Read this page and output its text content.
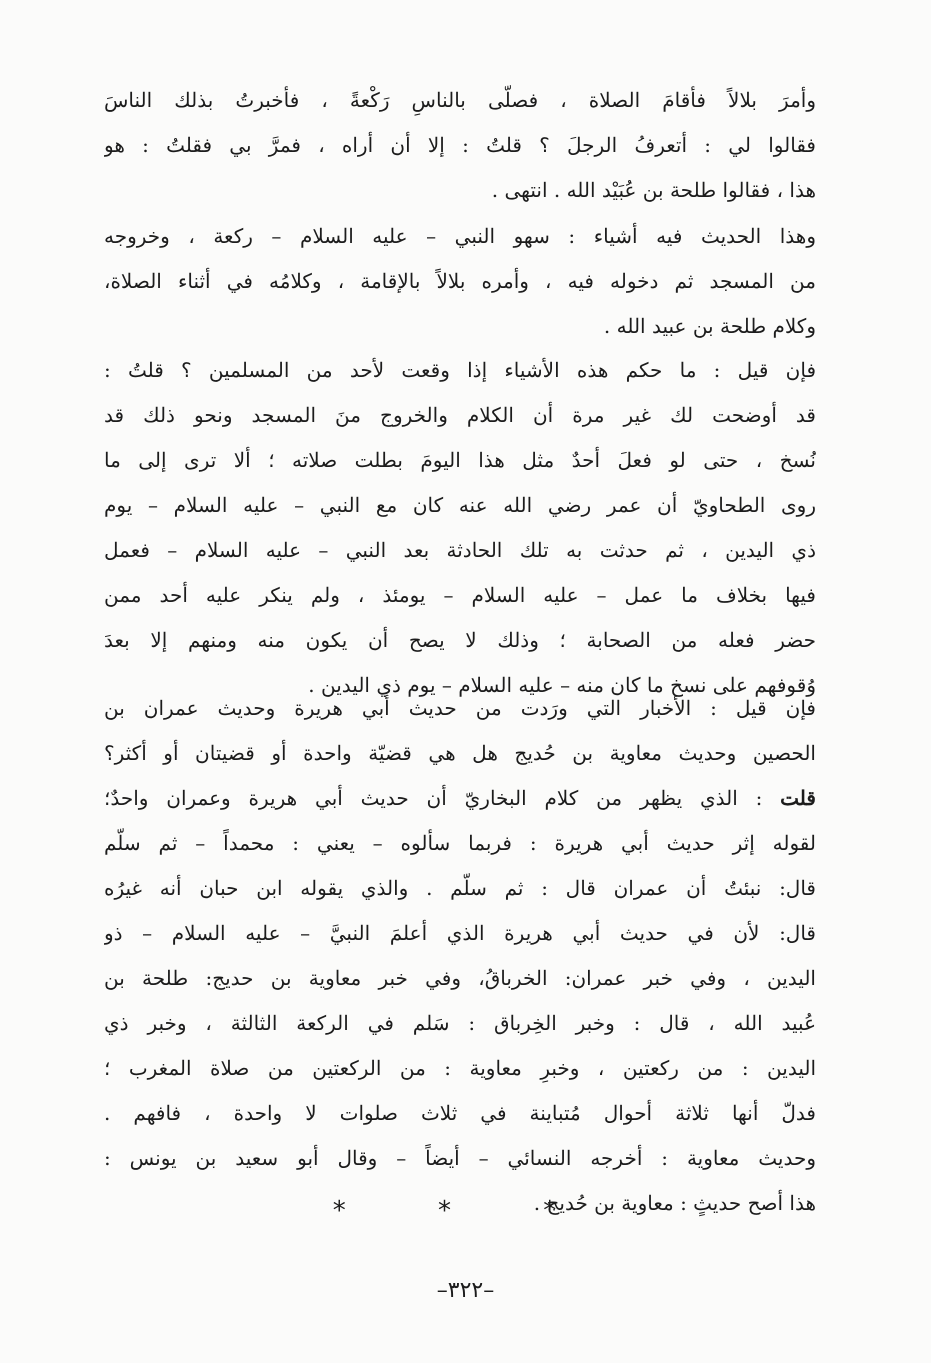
وأمرَ بلالاً فأقامَ الصلاة ، فصلّى بالناسِ رَكْعةً ، فأخبرتُ بذلك الناسَ
فقالوا لي : أتعرفُ الرجلَ ؟ قلتُ : إلا أن أراه ، فمرَّ بي فقلتُ : هو
هذا ، فقالوا طلحة بن عُبَيْد الله . انتهى .
وهذا الحديث فيه أشياء : سهو النبي – عليه السلام – ركعة ، وخروجه
من المسجد ثم دخوله فيه ، وأمره بلالاً بالإقامة ، وكلامُه في أثناء الصلاة،
وكلام طلحة بن عبيد الله .
فإن قيل : ما حكم هذه الأشياء إذا وقعت لأحد من المسلمين ؟ قلتُ :
قد أوضحت لك غير مرة أن الكلام والخروج منَ المسجد ونحو ذلك قد
نُسخ ، حتى لو فعلَ أحدٌ مثل هذا اليومَ بطلت صلاته ؛ ألا ترى إلى ما
روى الطحاويّ أن عمر رضي الله عنه كان مع النبي – عليه السلام – يوم
ذي اليدين ، ثم حدثت به تلك الحادثة بعد النبي – عليه السلام – فعمل
فيها بخلاف ما عمل – عليه السلام – يومئذ ، ولم ينكر عليه أحد ممن
حضر فعله من الصحابة ؛ وذلك لا يصح أن يكون منه ومنهم إلا بعدَ
وُقوفهم على نسخ ما كان منه – عليه السلام – يوم ذي اليدين .
فإن قيل : الأخبار التي ورَدت من حديث أبي هريرة وحديث عمران بن
الحصين وحديث معاوية بن حُديج هل هي قضيّة واحدة أو قضيتان أو أكثر؟
قلت : الذي يظهر من كلام البخاريّ أن حديث أبي هريرة وعمران واحدٌ؛
لقوله إثر حديث أبي هريرة : فربما سألوه – يعني : محمداً – ثم سلّم
قال: نبئتُ أن عمران قال : ثم سلّم . والذي يقوله ابن حبان أنه غيرُه
قال: لأن في حديث أبي هريرة الذي أعلمَ النبيَّ – عليه السلام – ذو
اليدين ، وفي خبر عمران: الخرباقُ، وفي خبر معاوية بن حديج: طلحة بن
عُبيد الله ، قال : وخبر الخِرباق : سَلم في الركعة الثالثة ، وخبر ذي
اليدين : من ركعتين ، وخبرِ معاوية : من الركعتين من صلاة المغرب ؛
فدلّ أنها ثلاثة أحوال مُتباينة في ثلاث صلوات لا واحدة ، فافهم .
وحديث معاوية : أخرجه النسائي – أيضاً – وقال أبو سعيد بن يونس :
هذا أصح حديثٍ : معاوية بن حُديج .
* * *
–٣٢٢–
